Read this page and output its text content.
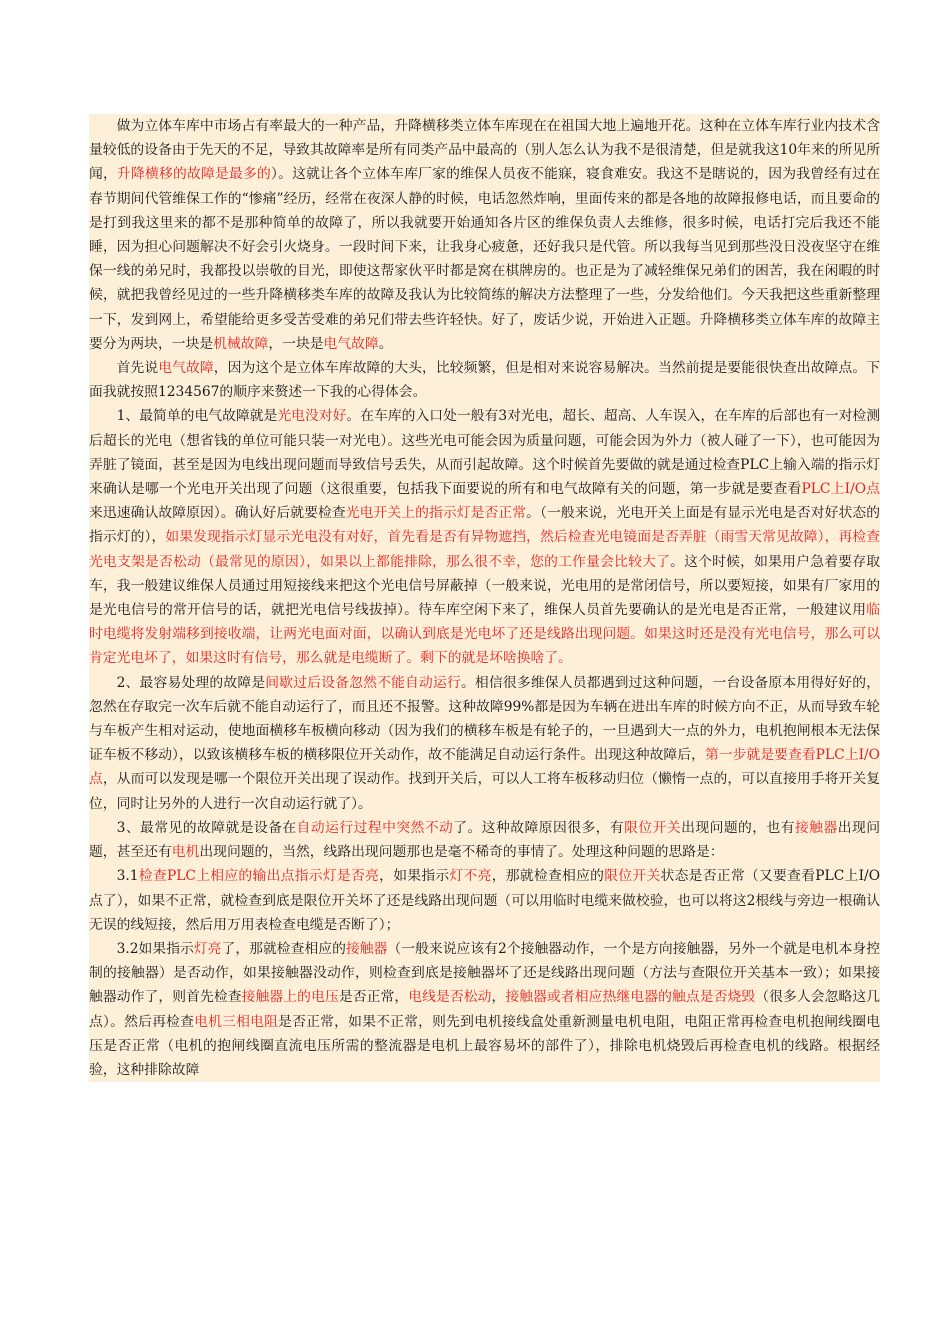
做为立体车库中市场占有率最大的一种产品，升降横移类立体车库现在在祖国大地上遍地开花。这种在立体车库行业内技术含量较低的设备由于先天的不足，导致其故障率是所有同类产品中最高的（别人怎么认为我不是很清楚，但是就我这10年来的所见所闻，升降横移的故障是最多的）。这就让各个立体车库厂家的维保人员夜不能寐，寝食难安。我这不是瞎说的，因为我曾经有过在春节期间代管维保工作的“惨痛”经历，经常在夜深人静的时候，电话忽然炸响，里面传来的都是各地的故障报修电话，而且要命的是打到我这里来的都不是那种简单的故障了，所以我就要开始通知各片区的维保负责人去维修，很多时候，电话打完后我还不能睡，因为担心问题解决不好会引火烧身。一段时间下来，让我身心疲惫，还好我只是代管。所以我每当见到那些没日没夜坚守在维保一线的弟兄时，我都投以崇敬的目光，即使这帮家伙平时都是窝在棋牌房的。也正是为了减轻维保兄弟们的困苦，我在闲暇的时候，就把我曾经见过的一些升降横移类车库的故障及我认为比较简练的解决方法整理了一些，分发给他们。今天我把这些重新整理一下，发到网上，希望能给更多受苦受难的弟兄们带去些许轻快。好了，废话少说，开始进入正题。升降横移类立体车库的故障主要分为两块，一块是机械故障，一块是电气故障。

首先说电气故障，因为这个是立体车库故障的大头，比较频繁，但是相对来说容易解决。当然前提是要能很快查出故障点。下面我就按照1234567的顺序来赘述一下我的心得体会。

1、最简单的电气故障就是光电没对好。在车库的入口处一般有3对光电，超长、超高、人车误入，在车库的后部也有一对检测后超长的光电（想省钱的单位可能只装一对光电）。这些光电可能会因为质量问题，可能会因为外力（被人碰了一下），也可能因为弄脏了镜面，甚至是因为电线出现问题而导致信号丢失，从而引起故障。这个时候首先要做的就是通过检查PLC上输入端的指示灯来确认是哪一个光电开关出现了问题（这很重要，包括我下面要说的所有和电气故障有关的问题，第一步就是要查看PLC上I/O点来迅速确认故障原因）。确认好后就要检查光电开关上的指示灯是否正常。（一般来说，光电开关上面是有显示光电是否对好状态的指示灯的），如果发现指示灯显示光电没有对好，首先看是否有异物遮挡，然后检查光电镜面是否弄脏（雨雪天常见故障），再检查光电支架是否松动（最常见的原因），如果以上都能排除，那么很不幸，您的工作量会比较大了。这个时候，如果用户急着要存取车，我一般建议维保人员通过用短接线来把这个光电信号屏蔽掉（一般来说，光电用的是常闭信号，所以要短接，如果有厂家用的是光电信号的常开信号的话，就把光电信号线拔掉）。待车库空闲下来了，维保人员首先要确认的是光电是否正常，一般建议用临时电缆将发射端移到接收端，让两光电面对面，以确认到底是光电坏了还是线路出现问题。如果这时还是没有光电信号，那么可以肯定光电坏了，如果这时有信号，那么就是电缆断了。剩下的就是坏啥换啥了。

2、最容易处理的故障是间歇过后设备忽然不能自动运行。相信很多维保人员都遇到过这种问题，一台设备原本用得好好的，忽然在存取完一次车后就不能自动运行了，而且还不报警。这种故障99%都是因为车辆在进出车库的时候方向不正，从而导致车轮与车板产生相对运动，使地面横移车板横向移动（因为我们的横移车板是有轮子的，一旦遇到大一点的外力，电机抱闸根本无法保证车板不移动），以致该横移车板的横移限位开关动作，故不能满足自动运行条件。出现这种故障后，第一步就是要查看PLC上I/O点，从而可以发现是哪一个限位开关出现了误动作。找到开关后，可以人工将车板移动归位（懒惰一点的，可以直接用手将开关复位，同时让另外的人进行一次自动运行就了）。

3、最常见的故障就是设备在自动运行过程中突然不动了。这种故障原因很多，有限位开关出现问题的，也有接触器出现问题，甚至还有电机出现问题的，当然，线路出现问题那也是毫不稀奇的事情了。处理这种问题的思路是：

3.1检查PLC上相应的输出点指示灯是否亮，如果指示灯不亮，那就检查相应的限位开关状态是否正常（又要查看PLC上I/O点了），如果不正常，就检查到底是限位开关坏了还是线路出现问题（可以用临时电缆来做校验，也可以将这2根线与旁边一根确认无误的线短接，然后用万用表检查电缆是否断了）；

3.2如果指示灯亮了，那就检查相应的接触器（一般来说应该有2个接触器动作，一个是方向接触器，另外一个就是电机本身控制的接触器）是否动作，如果接触器没动作，则检查到底是接触器坏了还是线路出现问题（方法与查限位开关基本一致）；如果接触器动作了，则首先检查接触器上的电压是否正常，电线是否松动，接触器或者相应热继电器的触点是否烧毁（很多人会忽略这几点）。然后再检查电机三相电阻是否正常，如果不正常，则先到电机接线盒处重新测量电机电阻，电阻正常再检查电机抱闸线圈电压是否正常（电机的抱闸线圈直流电压所需的整流器是电机上最容易坏的部件了），排除电机烧毁后再检查电机的线路。根据经验，这种排除故障
